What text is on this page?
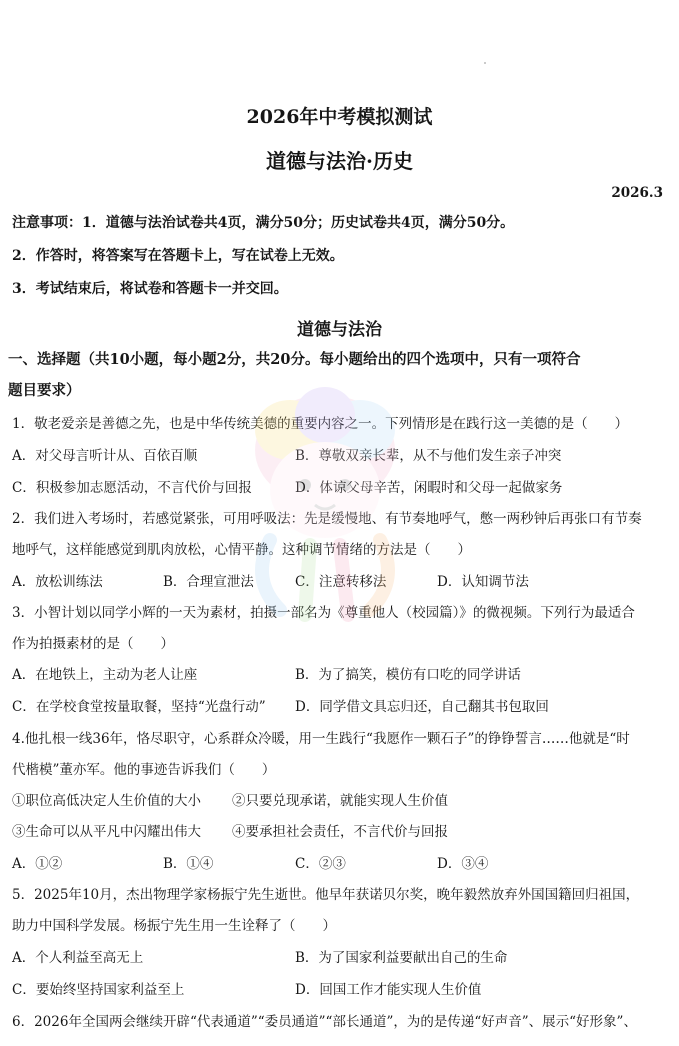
2026年中考模拟测试
道德与法治·历史
2026.3
注意事项：1．道德与法治试卷共4页，满分50分；历史试卷共4页，满分50分。
2．作答时，将答案写在答题卡上，写在试卷上无效。
3．考试结束后，将试卷和答题卡一并交回。
道德与法治
一、选择题（共10小题，每小题2分，共20分。每小题给出的四个选项中，只有一项符合
题目要求）
1．敬老爱亲是善德之先，也是中华传统美德的重要内容之一。下列情形是在践行这一美德的是（　　）
A．对父母言听计从、百依百顺	B．尊敬双亲长辈，从不与他们发生亲子冲突
C．积极参加志愿活动，不言代价与回报	D．体谅父母辛苦，闲暇时和父母一起做家务
2．我们进入考场时，若感觉紧张，可用呼吸法：先是缓慢地、有节奏地呼气，憋一两秒钟后再张口有节奏
地呼气，这样能感觉到肌肉放松，心情平静。这种调节情绪的方法是（　　）
A．放松训练法	B．合理宣泄法	C．注意转移法	D．认知调节法
3．小智计划以同学小辉的一天为素材，拍摄一部名为《尊重他人（校园篇）》的微视频。下列行为最适合
作为拍摄素材的是（　　）
A．在地铁上，主动为老人让座	B．为了搞笑，模仿有口吃的同学讲话
C．在学校食堂按量取餐，坚持“光盘行动” D．同学借文具忘归还，自己翻其书包取回
4.他扎根一线36年，恪尽职守，心系群众冷暖，用一生践行“我愿作一颗石子”的铮铮誓言……他就是“时
代楷模”董亦军。他的事迹告诉我们（　　）
①职位高低决定人生价值的大小 ②只要兑现承诺，就能实现人生价值
③生命可以从平凡中闪耀出伟大 ④要承担社会责任，不言代价与回报
A．①②	B．①④	C．②③	D．③④
5．2025年10月，杰出物理学家杨振宁先生逝世。他早年获诺贝尔奖，晚年毅然放弃外国国籍回归祖国，
助力中国科学发展。杨振宁先生用一生诠释了（　　）
A．个人利益至高无上	B．为了国家利益要献出自己的生命
C．要始终坚持国家利益至上	D．回国工作才能实现人生价值
6．2026年全国两会继续开辟“代表通道”“委员通道”“部长通道”，为的是传递“好声音”、展示“好形象”、
